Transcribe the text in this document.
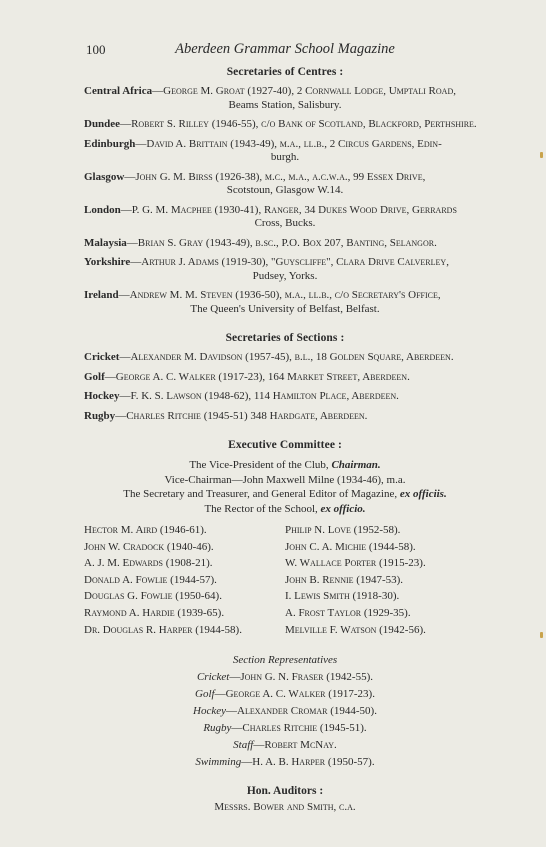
100	Aberdeen Grammar School Magazine
Secretaries of Centres :
Central Africa—George M. Groat (1927-40), 2 Cornwall Lodge, Umptali Road,
Beams Station, Salisbury.
Dundee—Robert S. Rilley (1946-55), c/o Bank of Scotland, Blackford, Perthshire.
Edinburgh—David A. Brittain (1943-49), m.a., ll.b., 2 Circus Gardens, Edin-
burgh.
Glasgow—John G. M. Birss (1926-38), m.c., m.a., a.c.w.a., 99 Essex Drive,
Scotstoun, Glasgow W.14.
London—P. G. M. Macphee (1930-41), Ranger, 34 Dukes Wood Drive, Gerrards
Cross, Bucks.
Malaysia—Brian S. Gray (1943-49), b.sc., P.O. Box 207, Banting, Selangor.
Yorkshire—Arthur J. Adams (1919-30), "Guyscliffe", Clara Drive Calverley,
Pudsey, Yorks.
Ireland—Andrew M. M. Steven (1936-50), m.a., ll.b., c/o Secretary's Office,
The Queen's University of Belfast, Belfast.
Secretaries of Sections :
Cricket—Alexander M. Davidson (1957-45), b.l., 18 Golden Square, Aberdeen.
Golf—George A. C. Walker (1917-23), 164 Market Street, Aberdeen.
Hockey—F. K. S. Lawson (1948-62), 114 Hamilton Place, Aberdeen.
Rugby—Charles Ritchie (1945-51) 348 Hardgate, Aberdeen.
Executive Committee :
The Vice-President of the Club, Chairman.
Vice-Chairman—John Maxwell Milne (1934-46), m.a.
The Secretary and Treasurer, and General Editor of Magazine, ex officiis.
The Rector of the School, ex officio.
Hector M. Aird (1946-61).
John W. Cradock (1940-46).
A. J. M. Edwards (1908-21).
Donald A. Fowlie (1944-57).
Douglas G. Fowlie (1950-64).
Raymond A. Hardie (1939-65).
Dr. Douglas R. Harper (1944-58).
Philip N. Love (1952-58).
John C. A. Michie (1944-58).
W. Wallace Porter (1915-23).
John B. Rennie (1947-53).
I. Lewis Smith (1918-30).
A. Frost Taylor (1929-35).
Melville F. Watson (1942-56).
Section Representatives
Cricket—John G. N. Fraser (1942-55).
Golf—George A. C. Walker (1917-23).
Hockey—Alexander Cromar (1944-50).
Rugby—Charles Ritchie (1945-51).
Staff—Robert McNay.
Swimming—H. A. B. Harper (1950-57).
Hon. Auditors :
Messrs. Bower and Smith, c.a.
